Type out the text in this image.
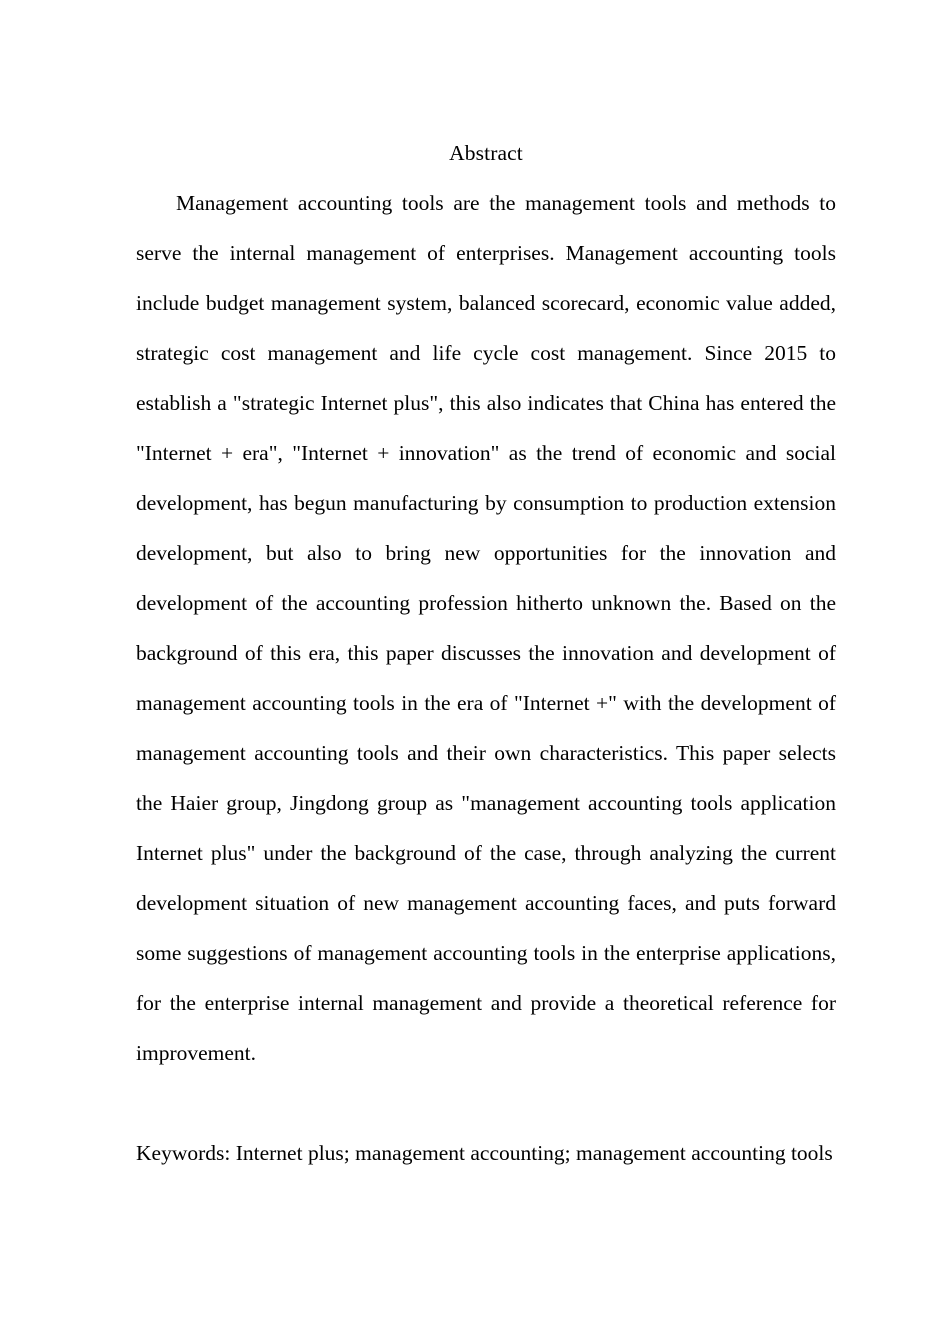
Abstract

Management accounting tools are the management tools and methods to serve the internal management of enterprises. Management accounting tools include budget management system, balanced scorecard, economic value added, strategic cost management and life cycle cost management. Since 2015 to establish a "strategic Internet plus", this also indicates that China has entered the "Internet + era", "Internet + innovation" as the trend of economic and social development, has begun manufacturing by consumption to production extension development, but also to bring new opportunities for the innovation and development of the accounting profession hitherto unknown the. Based on the background of this era, this paper discusses the innovation and development of management accounting tools in the era of "Internet +" with the development of management accounting tools and their own characteristics. This paper selects the Haier group, Jingdong group as "management accounting tools application Internet plus" under the background of the case, through analyzing the current development situation of new management accounting faces, and puts forward some suggestions of management accounting tools in the enterprise applications, for the enterprise internal management and provide a theoretical reference for improvement.

Keywords: Internet plus; management accounting; management accounting tools
